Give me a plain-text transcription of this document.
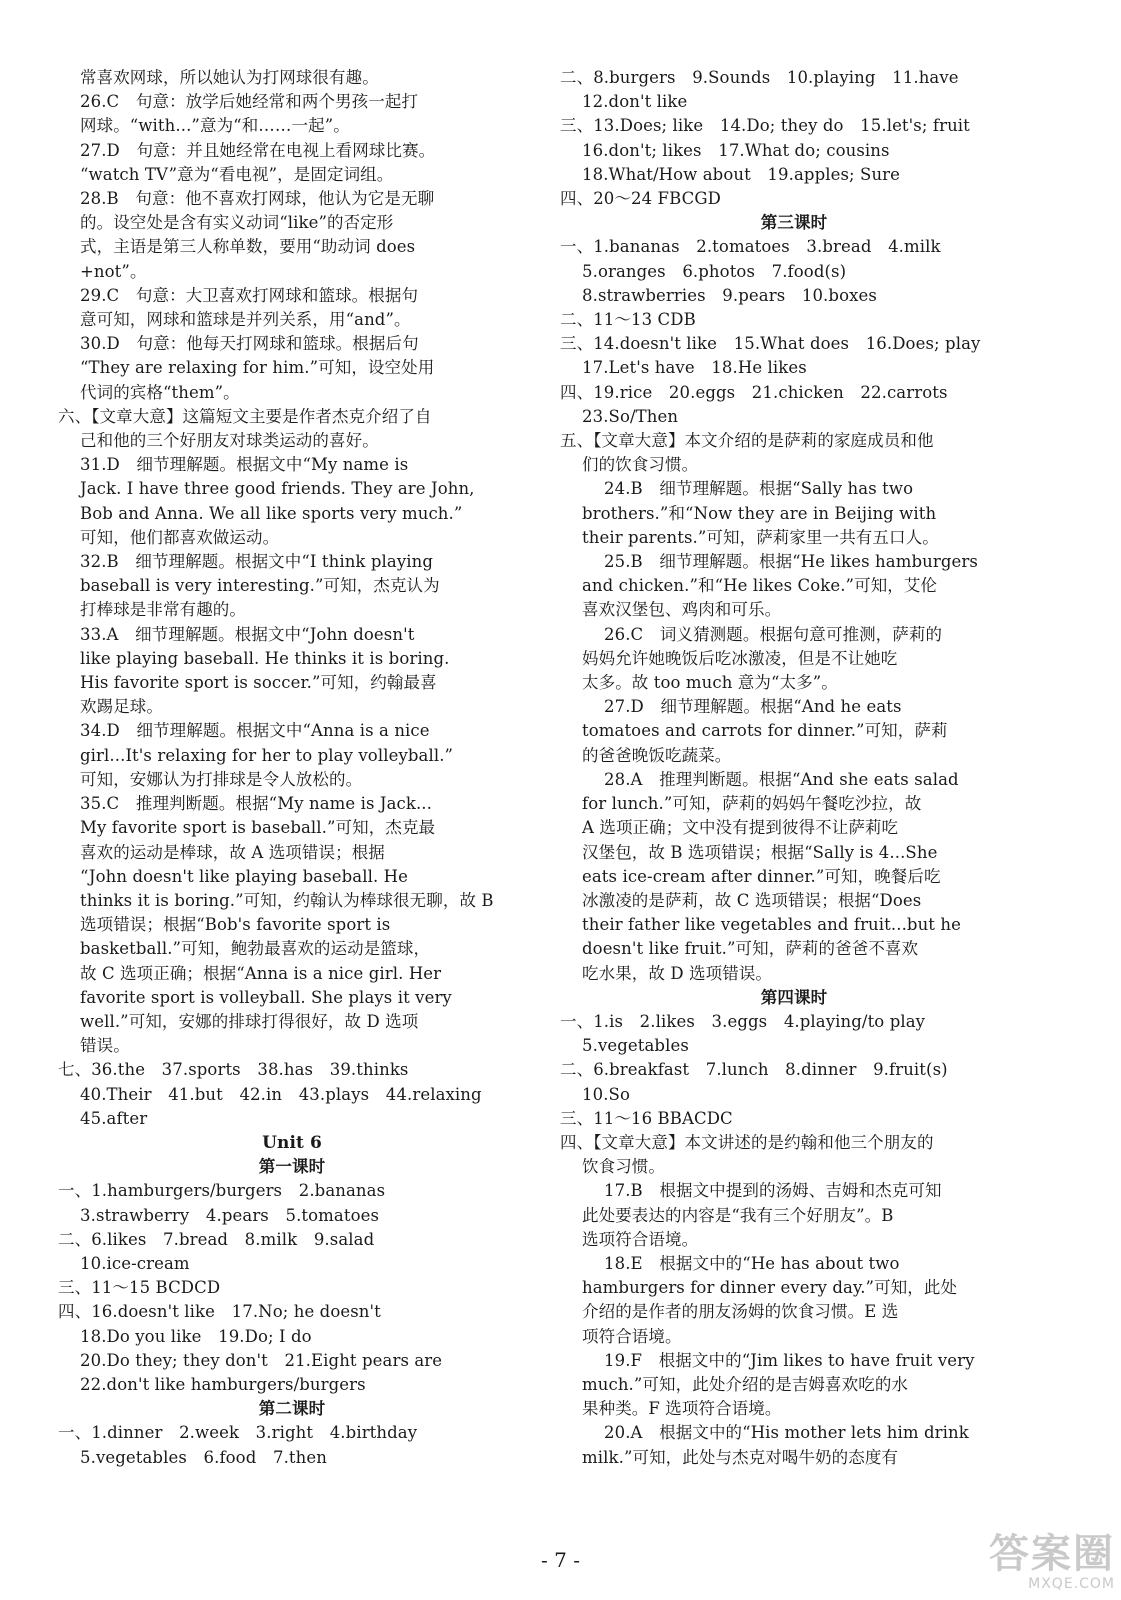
常喜欢网球，所以她认为打网球很有趣。
26.C　句意：放学后她经常和两个男孩一起打
网球。“with...”意为“和……一起”。
27.D　句意：并且她经常在电视上看网球比赛。
“watch TV”意为“看电视”，是固定词组。
28.B　句意：他不喜欢打网球，他认为它是无聊
的。设空处是含有实义动词“like”的否定形
式，主语是第三人称单数，要用“助动词 does
+not”。
29.C　句意：大卫喜欢打网球和篮球。根据句
意可知，网球和篮球是并列关系，用“and”。
30.D　句意：他每天打网球和篮球。根据后句
“They are relaxing for him.”可知，设空处用
代词的宾格“them”。
六、【文章大意】这篇短文主要是作者杰克介绍了自
己和他的三个好朋友对球类运动的喜好。
31.D　细节理解题。根据文中“My name is
Jack. I have three good friends. They are John,
Bob and Anna. We all like sports very much.”
可知，他们都喜欢做运动。
32.B　细节理解题。根据文中“I think playing
baseball is very interesting.”可知，杰克认为
打棒球是非常有趣的。
33.A　细节理解题。根据文中“John doesn't
like playing baseball. He thinks it is boring.
His favorite sport is soccer.”可知，约翰最喜
欢踢足球。
34.D　细节理解题。根据文中“Anna is a nice
girl...It's relaxing for her to play volleyball.”
可知，安娜认为打排球是令人放松的。
35.C　推理判断题。根据“My name is Jack...
My favorite sport is baseball.”可知，杰克最
喜欢的运动是棒球，故 A 选项错误；根据
“John doesn't like playing baseball. He
thinks it is boring.”可知，约翰认为棒球很无聊，故 B
选项错误；根据“Bob's favorite sport is
basketball.”可知，鲍勃最喜欢的运动是篮球，
故 C 选项正确；根据“Anna is a nice girl. Her
favorite sport is volleyball. She plays it very
well.”可知，安娜的排球打得很好，故 D 选项
错误。
七、36.the　37.sports　38.has　39.thinks
40.Their　41.but　42.in　43.plays　44.relaxing
45.after
Unit 6
第一课时
一、1.hamburgers/burgers　2.bananas
3.strawberry　4.pears　5.tomatoes
二、6.likes　7.bread　8.milk　9.salad
10.ice-cream
三、11～15 BCDCD
四、16.doesn't like　17.No; he doesn't
18.Do you like　19.Do; I do
20.Do they; they don't　21.Eight pears are
22.don't like hamburgers/burgers
第二课时
一、1.dinner　2.week　3.right　4.birthday
5.vegetables　6.food　7.then
二、8.burgers　9.Sounds　10.playing　11.have
12.don't like
三、13.Does; like　14.Do; they do　15.let's; fruit
16.don't; likes　17.What do; cousins
18.What/How about　19.apples; Sure
四、20～24 FBCGD
第三课时
一、1.bananas　2.tomatoes　3.bread　4.milk
5.oranges　6.photos　7.food(s)
8.strawberries　9.pears　10.boxes
二、11～13 CDB
三、14.doesn't like　15.What does　16.Does; play
17.Let's have　18.He likes
四、19.rice　20.eggs　21.chicken　22.carrots
23.So/Then
五、【文章大意】本文介绍的是萨莉的家庭成员和他
们的饮食习惯。
24.B　细节理解题。根据“Sally has two
brothers.”和“Now they are in Beijing with
their parents.”可知，萨莉家里一共有五口人。
25.B　细节理解题。根据“He likes hamburgers
and chicken.”和“He likes Coke.”可知，艾伦
喜欢汉堡包、鸡肉和可乐。
26.C　词义猜测题。根据句意可推测，萨莉的
妈妈允许她晚饭后吃冰激凌，但是不让她吃
太多。故 too much 意为“太多”。
27.D　细节理解题。根据“And he eats
tomatoes and carrots for dinner.”可知，萨莉
的爸爸晚饭吃蔬菜。
28.A　推理判断题。根据“And she eats salad
for lunch.”可知，萨莉的妈妈午餐吃沙拉，故
A 选项正确；文中没有提到彼得不让萨莉吃
汉堡包，故 B 选项错误；根据“Sally is 4...She
eats ice-cream after dinner.”可知，晚餐后吃
冰激凌的是萨莉，故 C 选项错误；根据“Does
their father like vegetables and fruit...but he
doesn't like fruit.”可知，萨莉的爸爸不喜欢
吃水果，故 D 选项错误。
第四课时
一、1.is　2.likes　3.eggs　4.playing/to play
5.vegetables
二、6.breakfast　7.lunch　8.dinner　9.fruit(s)
10.So
三、11～16 BBACDC
四、【文章大意】本文讲述的是约翰和他三个朋友的
饮食习惯。
17.B　根据文中提到的汤姆、吉姆和杰克可知
此处要表达的内容是“我有三个好朋友”。B
选项符合语境。
18.E　根据文中的“He has about two
hamburgers for dinner every day.”可知，此处
介绍的是作者的朋友汤姆的饮食习惯。E 选
项符合语境。
19.F　根据文中的“Jim likes to have fruit very
much.”可知，此处介绍的是吉姆喜欢吃的水
果种类。F 选项符合语境。
20.A　根据文中的“His mother lets him drink
milk.”可知，此处与杰克对喝牛奶的态度有
- 7 -	答案圈
MXQE.COM
